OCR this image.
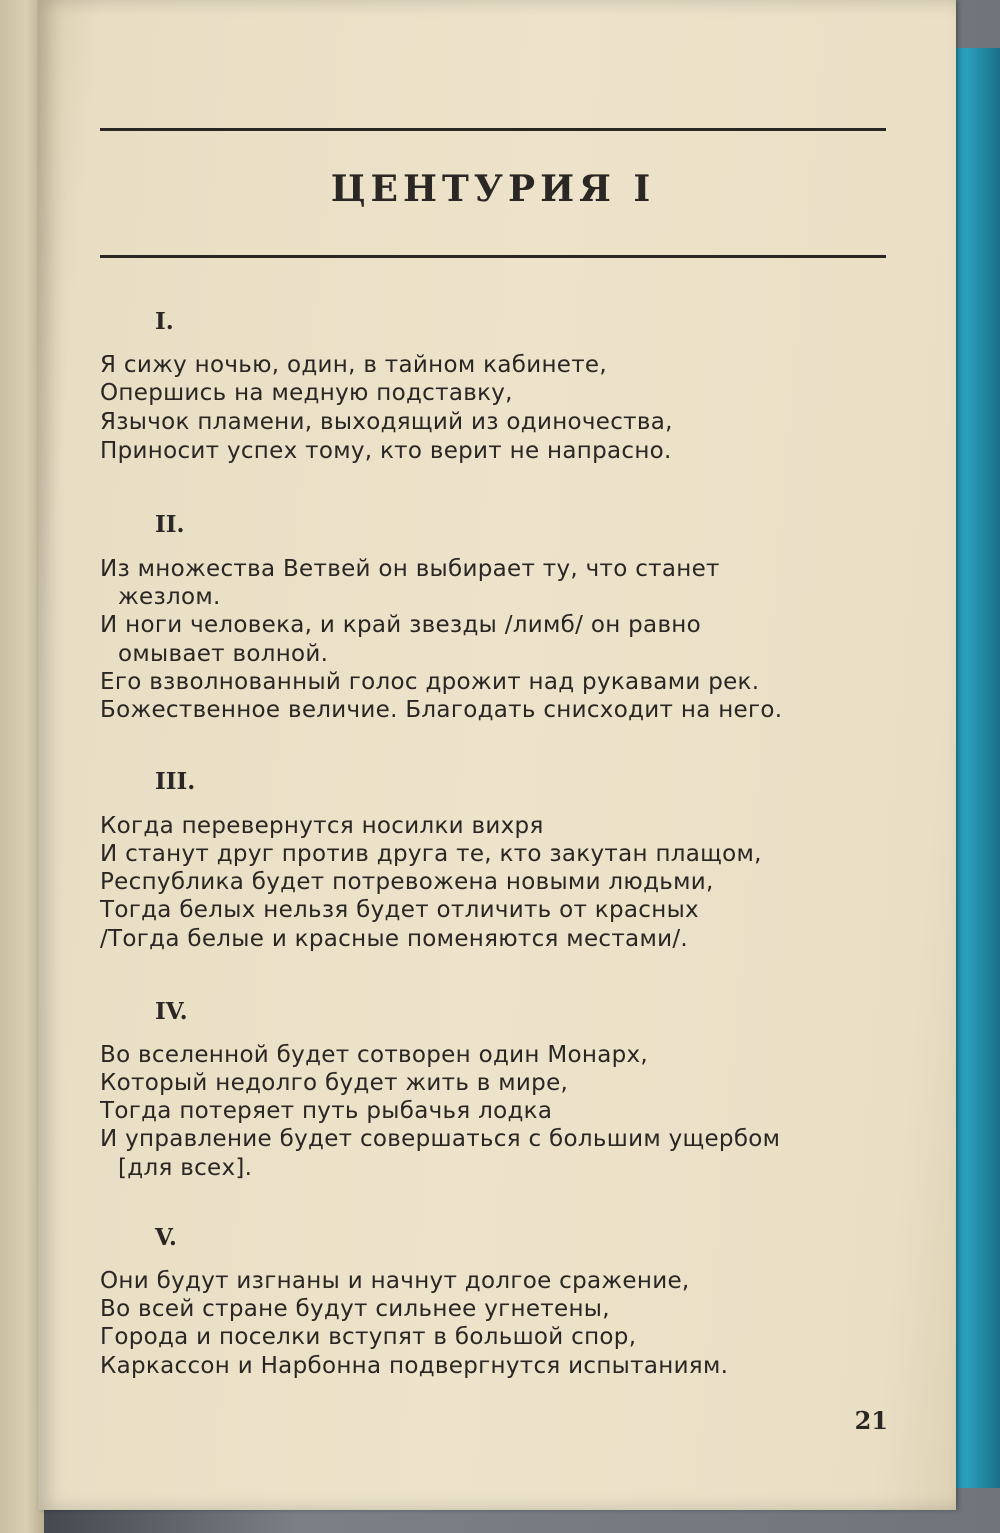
ЦЕНТУРИЯ I
I.
Я сижу ночью, один, в тайном кабинете,
Опершись на медную подставку,
Язычок пламени, выходящий из одиночества,
Приносит успех тому, кто верит не напрасно.
II.
Из множества Ветвей он выбирает ту, что станет
жезлом.
И ноги человека, и край звезды /лимб/ он равно
омывает волной.
Его взволнованный голос дрожит над рукавами рек.
Божественное величие. Благодать снисходит на него.
III.
Когда перевернутся носилки вихря
И станут друг против друга те, кто закутан плащом,
Республика будет потревожена новыми людьми,
Тогда белых нельзя будет отличить от красных
/Тогда белые и красные поменяются местами/.
IV.
Во вселенной будет сотворен один Монарх,
Который недолго будет жить в мире,
Тогда потеряет путь рыбачья лодка
И управление будет совершаться с большим ущербом
[для всех].
V.
Они будут изгнаны и начнут долгое сражение,
Во всей стране будут сильнее угнетены,
Города и поселки вступят в большой спор,
Каркассон и Нарбонна подвергнутся испытаниям.
21
